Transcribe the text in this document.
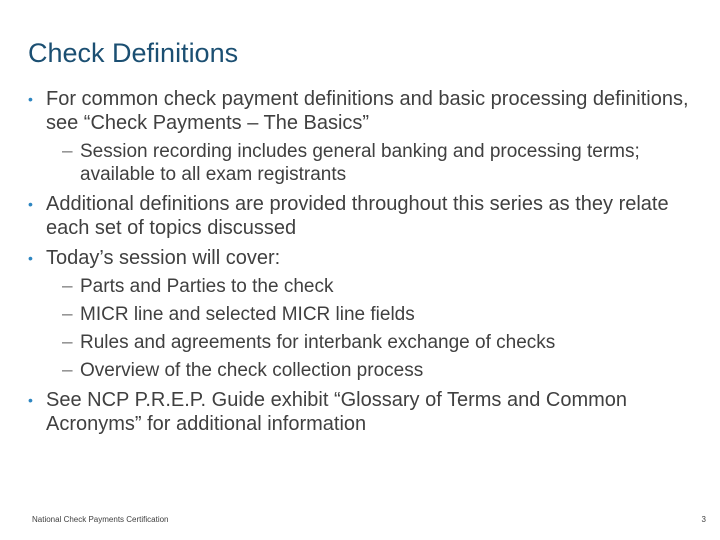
Check Definitions
• For common check payment definitions and basic processing definitions, see “Check Payments – The Basics”
– Session recording includes general banking and processing terms; available to all exam registrants
• Additional definitions are provided throughout this series as they relate each set of topics discussed
• Today’s session will cover:
– Parts and Parties to the check
– MICR line and selected MICR line fields
– Rules and agreements for interbank exchange of checks
– Overview of the check collection process
• See NCP P.R.E.P. Guide exhibit “Glossary of Terms and Common Acronyms” for additional information
National Check Payments Certification	3
